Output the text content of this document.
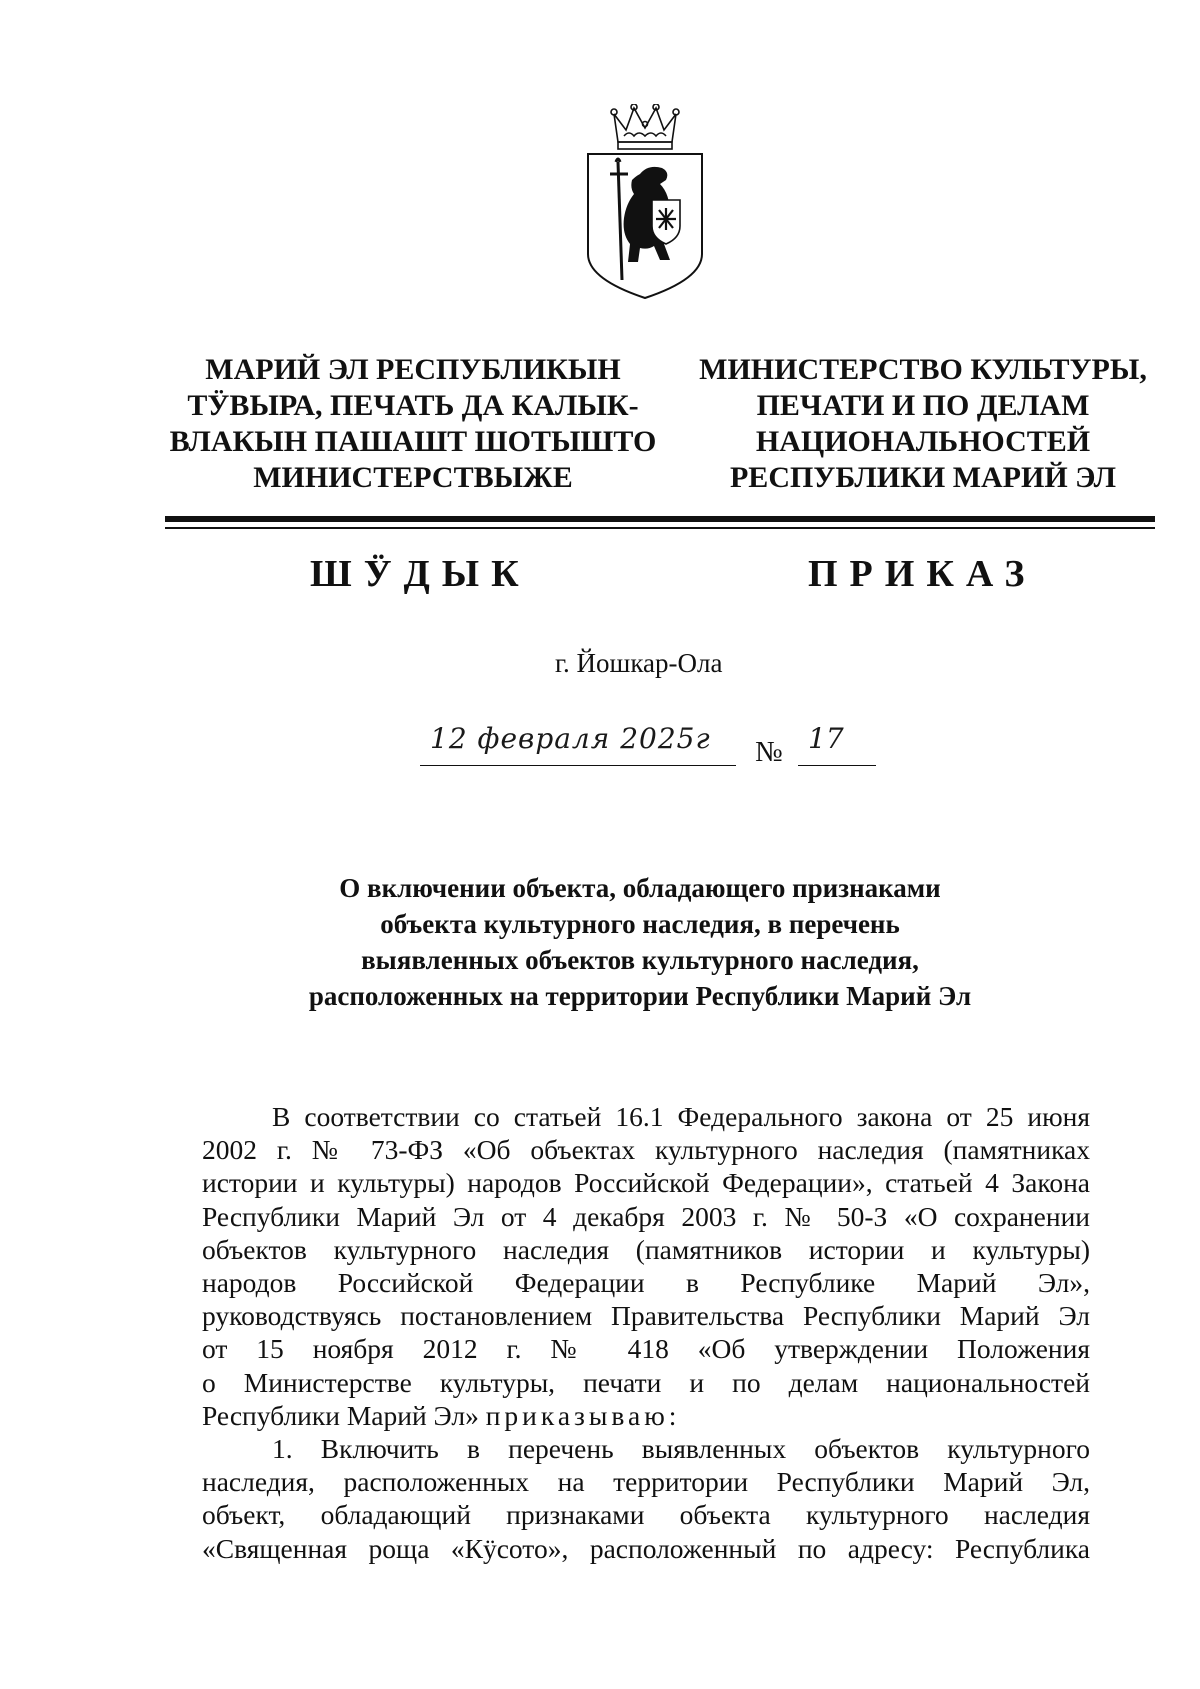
МАРИЙ ЭЛ РЕСПУБЛИКЫН
ТӰВЫРА, ПЕЧАТЬ ДА КАЛЫК-
ВЛАКЫН ПАШАШТ ШОТЫШТО
МИНИСТЕРСТВЫЖЕ
МИНИСТЕРСТВО КУЛЬТУРЫ,
ПЕЧАТИ И ПО ДЕЛАМ
НАЦИОНАЛЬНОСТЕЙ
РЕСПУБЛИКИ МАРИЙ ЭЛ
ШӰДЫК	ПРИКАЗ
г. Йошкар-Ола
12 февраля 2025г № 17
О включении объекта, обладающего признаками
объекта культурного наследия, в перечень
выявленных объектов культурного наследия,
расположенных на территории Республики Марий Эл
В соответствии со статьей 16.1 Федерального закона от 25 июня
2002 г. № 73-ФЗ «Об объектах культурного наследия (памятниках
истории и культуры) народов Российской Федерации», статьей 4 Закона
Республики Марий Эл от 4 декабря 2003 г. № 50-З «О сохранении
объектов культурного наследия (памятников истории и культуры)
народов Российской Федерации в Республике Марий Эл»,
руководствуясь постановлением Правительства Республики Марий Эл
от 15 ноября 2012 г. № 418 «Об утверждении Положения
о Министерстве культуры, печати и по делам национальностей
Республики Марий Эл» приказываю:
1. Включить в перечень выявленных объектов культурного
наследия, расположенных на территории Республики Марий Эл,
объект, обладающий признаками объекта культурного наследия
«Священная роща «Кӱсото», расположенный по адресу: Республика
